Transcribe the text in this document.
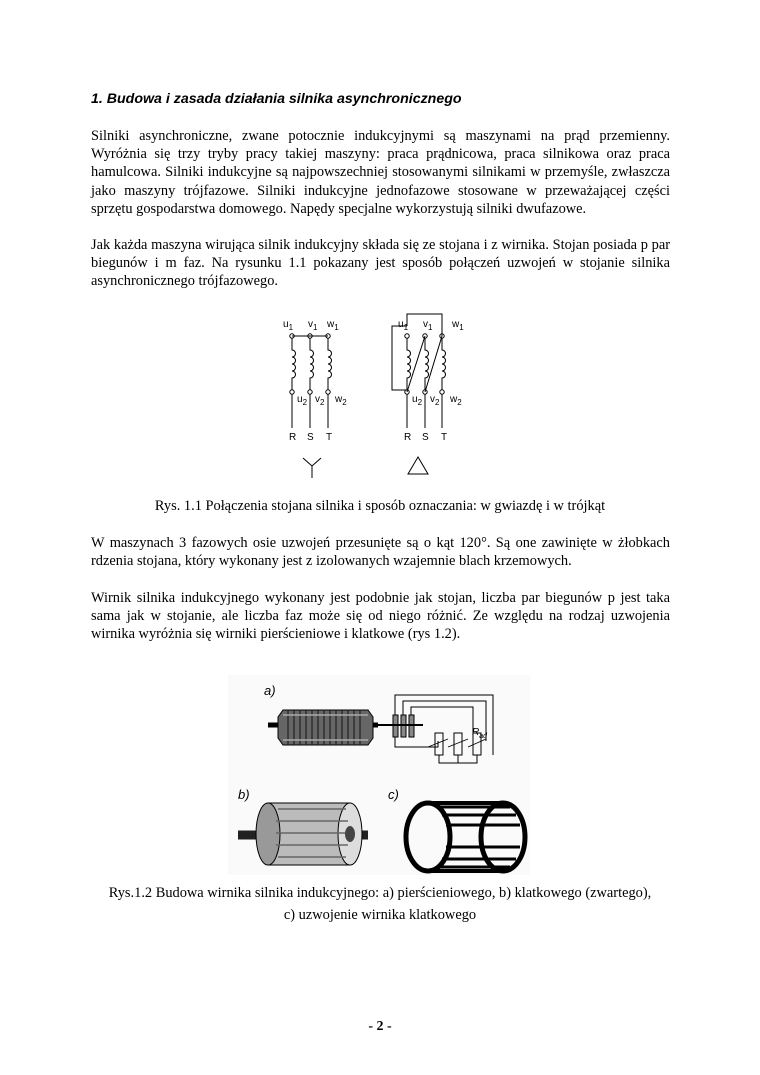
1. Budowa i zasada działania silnika asynchronicznego

Silniki asynchroniczne, zwane potocznie indukcyjnymi są maszynami na prąd przemienny. Wyróżnia się trzy tryby pracy takiej maszyny: praca prądnicowa, praca silnikowa oraz praca hamulcowa. Silniki indukcyjne są najpowszechniej stosowanymi silnikami w przemyśle, zwłaszcza jako maszyny trójfazowe. Silniki indukcyjne jednofazowe stosowane w przeważającej części sprzętu gospodarstwa domowego. Napędy specjalne wykorzystują silniki dwufazowe.

Jak każda maszyna wirująca silnik indukcyjny składa się ze stojana i z wirnika. Stojan posiada p par biegunów i m faz. Na rysunku 1.1 pokazany jest sposób połączeń uzwojeń w stojanie silnika asynchronicznego trójfazowego.

$u_1$ $v_1$ $w_1$
$u_2$ $v_2$ $w_2$
R S T
$u_1$ $v_1$ $w_1$
$u_2$ $v_2$ $w_2$
R S T

Rys. 1.1 Połączenia stojana silnika i sposób oznaczania: w gwiazdę i w trójkąt

W maszynach 3 fazowych osie uzwojeń przesunięte są o kąt 120°. Są one zawinięte w żłobkach rdzenia stojana, który wykonany jest z izolowanych wzajemnie blach krzemowych.

Wirnik silnika indukcyjnego wykonany jest podobnie jak stojan, liczba par biegunów p jest taka sama jak w stojanie, ale liczba faz może się od niego różnić. Ze względu na rodzaj uzwojenia wirnika wyróżnia się wirniki pierścieniowe i klatkowe (rys 1.2).

a)
b)	c)
$R_{ad}$

Rys.1.2 Budowa wirnika silnika indukcyjnego: a) pierścieniowego, b) klatkowego (zwartego),

c) uzwojenie wirnika klatkowego

- 2 -
